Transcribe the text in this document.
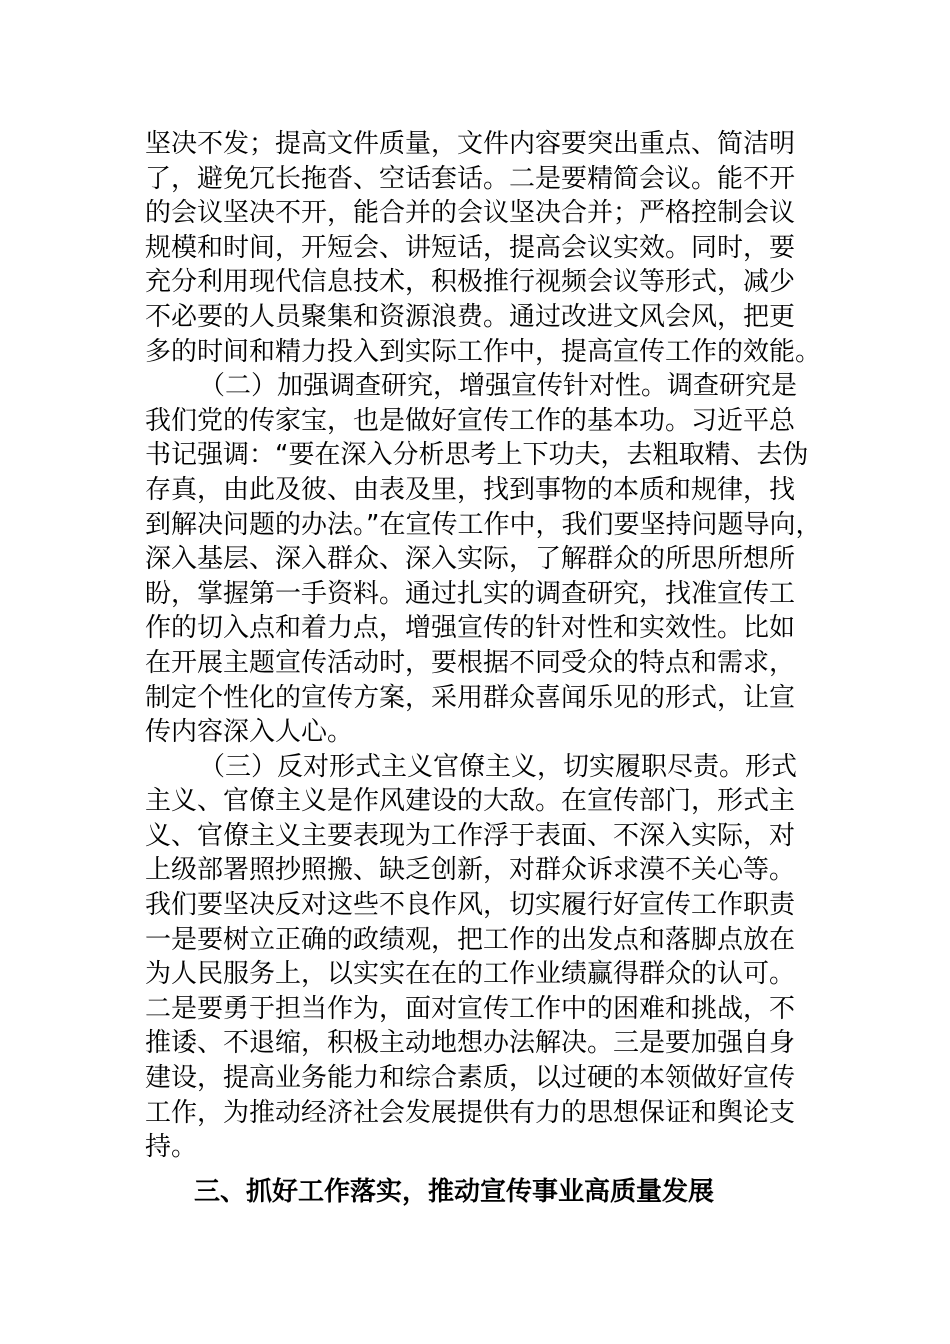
坚决不发；提高文件质量，文件内容要突出重点、简洁明
了，避免冗长拖沓、空话套话。二是要精简会议。能不开
的会议坚决不开，能合并的会议坚决合并；严格控制会议
规模和时间，开短会、讲短话，提高会议实效。同时，要
充分利用现代信息技术，积极推行视频会议等形式，减少
不必要的人员聚集和资源浪费。通过改进文风会风，把更
多的时间和精力投入到实际工作中，提高宣传工作的效能。
（二）加强调查研究，增强宣传针对性。调查研究是
我们党的传家宝，也是做好宣传工作的基本功。习近平总
书记强调：“要在深入分析思考上下功夫，去粗取精、去伪
存真，由此及彼、由表及里，找到事物的本质和规律，找
到解决问题的办法。”在宣传工作中，我们要坚持问题导向，
深入基层、深入群众、深入实际，了解群众的所思所想所
盼，掌握第一手资料。通过扎实的调查研究，找准宣传工
作的切入点和着力点，增强宣传的针对性和实效性。比如
在开展主题宣传活动时，要根据不同受众的特点和需求，
制定个性化的宣传方案，采用群众喜闻乐见的形式，让宣
传内容深入人心。
（三）反对形式主义官僚主义，切实履职尽责。形式
主义、官僚主义是作风建设的大敌。在宣传部门，形式主
义、官僚主义主要表现为工作浮于表面、不深入实际，对
上级部署照抄照搬、缺乏创新，对群众诉求漠不关心等。
我们要坚决反对这些不良作风，切实履行好宣传工作职责
一是要树立正确的政绩观，把工作的出发点和落脚点放在
为人民服务上，以实实在在的工作业绩赢得群众的认可。
二是要勇于担当作为，面对宣传工作中的困难和挑战，不
推诿、不退缩，积极主动地想办法解决。三是要加强自身
建设，提高业务能力和综合素质，以过硬的本领做好宣传
工作，为推动经济社会发展提供有力的思想保证和舆论支
持。
三、抓好工作落实，推动宣传事业高质量发展
